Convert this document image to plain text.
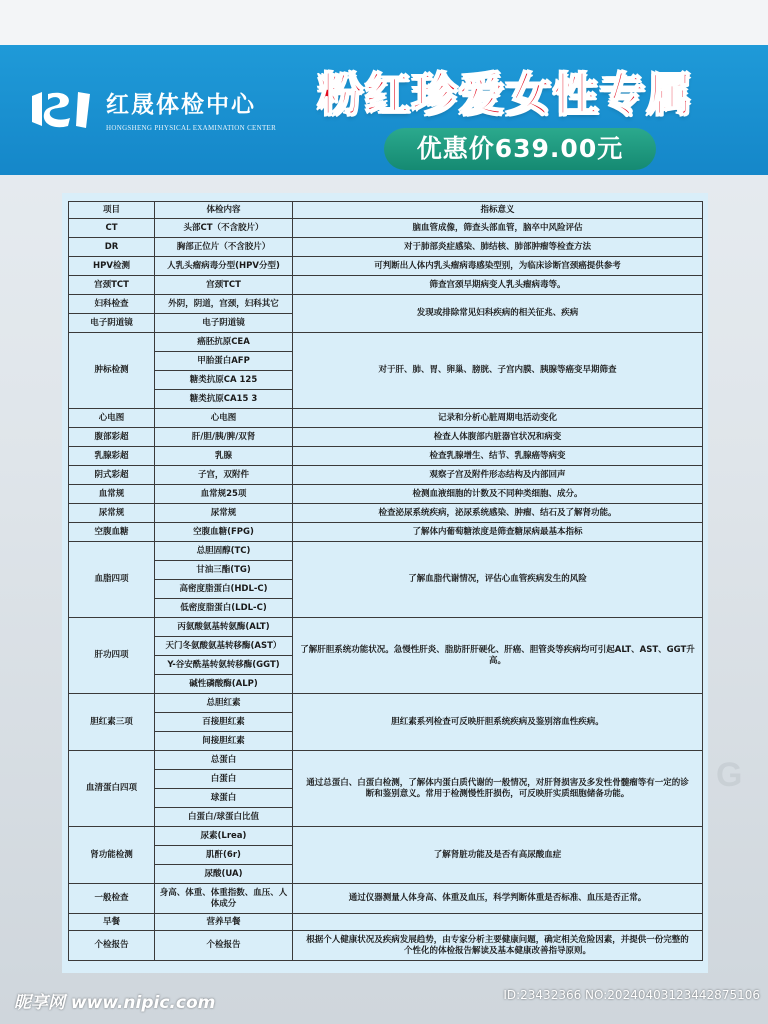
红晟体检中心
HONGSHENG PHYSICAL EXAMINATION CENTER
粉红珍爱女性专属
优惠价639.00元
G
项目	体检内容	指标意义
CT	头部CT（不含胶片）	脑血管成像，筛查头部血管，脑卒中风险评估
DR	胸部正位片（不含胶片）	对于肺部炎症感染、肺结核、肺部肿瘤等检查方法
HPV检测	人乳头瘤病毒分型(HPV分型)	可判断出人体内乳头瘤病毒感染型别，为临床诊断宫颈癌提供参考
宫颈TCT	宫颈TCT	筛查宫颈早期病变人乳头瘤病毒等。
妇科检查	外阴，阴道，宫颈，妇科其它	发现或排除常见妇科疾病的相关征兆、疾病
电子阴道镜	电子阴道镜	
肿标检测	癌胚抗原CEA	对于肝、肺、胃、卵巢、膀胱、子宫内膜、胰腺等癌变早期筛查
	甲胎蛋白AFP	
	糖类抗原CA 125	
	糖类抗原CA15 3	
心电图	心电图	记录和分析心脏周期电活动变化
腹部彩超	肝/胆/胰/脾/双肾	检查人体腹部内脏器官状况和病变
乳腺彩超	乳腺	检查乳腺增生、结节、乳腺癌等病变
阴式彩超	子宫，双附件	观察子宫及附件形态结构及内部回声
血常规	血常规25项	检测血液细胞的计数及不同种类细胞、成分。
尿常规	尿常规	检查泌尿系统疾病，泌尿系统感染、肿瘤、结石及了解肾功能。
空腹血糖	空腹血糖(FPG)	了解体内葡萄糖浓度是筛查糖尿病最基本指标
血脂四项	总胆固醇(TC)	了解血脂代谢情况，评估心血管疾病发生的风险
	甘油三酯(TG)	
	高密度脂蛋白(HDL-C)	
	低密度脂蛋白(LDL-C)	
肝功四项	丙氨酸氨基转氨酶(ALT)	了解肝胆系统功能状况。急慢性肝炎、脂肪肝肝硬化、肝癌、胆管炎等疾病均可引起ALT、AST、GGT升高。
	天门冬氨酸氨基转移酶(AST）	
	Y-谷安酰基转氨转移酶(GGT)	
	碱性磷酸酶(ALP)	
胆红素三项	总胆红素	胆红素系列检查可反映肝胆系统疾病及鉴别溶血性疾病。
	百接胆红素	
	间接胆红素	
血清蛋白四项	总蛋白	通过总蛋白、白蛋白检测，了解体内蛋白质代谢的一般情况，对肝肾损害及多发性骨髓瘤等有一定的诊断和鉴别意义。常用于检测慢性肝损伤，可反映肝实质细胞储备功能。
	白蛋白	
	球蛋白	
	白蛋白/球蛋白比值	
肾功能检测	尿素(Lrea)	了解肾脏功能及是否有高尿酸血症
	肌酐(6r)	
	尿酸(UA)	
一般检查	身高、体重、体重指数、血压、人体成分	通过仪器测量人体身高、体重及血压，科学判断体重是否标准、血压是否正常。
早餐	营养早餐	
个检报告	个检报告	根据个人健康状况及疾病发展趋势，由专家分析主要健康问题，确定相关危险因素，并提供一份完整的个性化的体检报告解读及基本健康改善指导原则。
昵享网 www.nipic.com	ID:23432366 NO:20240403123442875106
